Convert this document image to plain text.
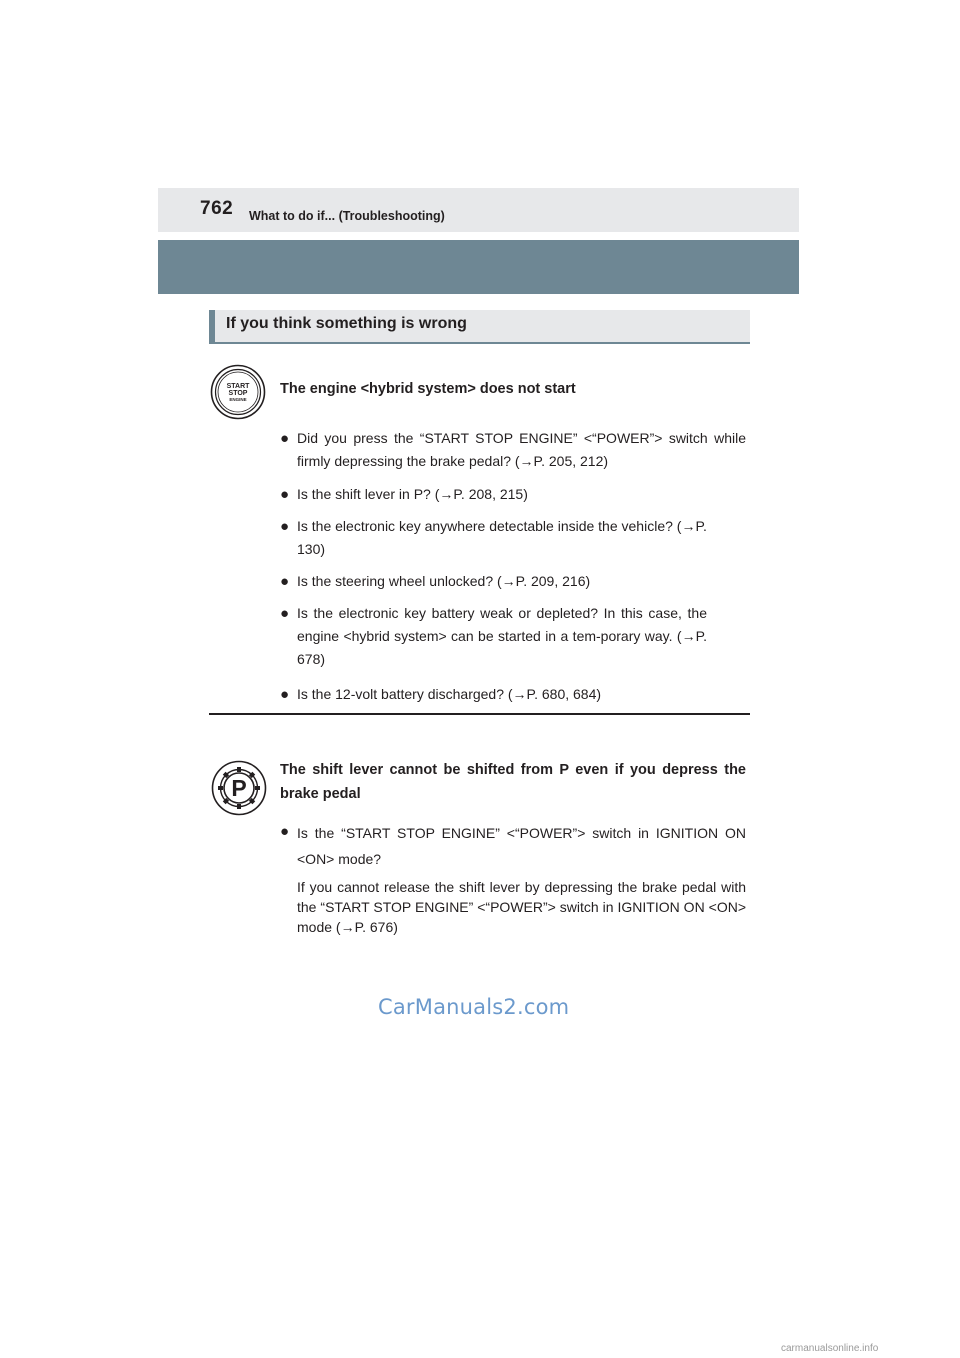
762 What to do if... (Troubleshooting)
If you think something is wrong
START
STOP
ENGINE
The engine <hybrid system> does not start
● Did you press the “START STOP ENGINE” <“POWER”> switch while firmly depressing the brake pedal? (→P. 205, 212)
● Is the shift lever in P? (→P. 208, 215)
● Is the electronic key anywhere detectable inside the vehicle? (→P. 130)
● Is the steering wheel unlocked? (→P. 209, 216)
● Is the electronic key battery weak or depleted? In this case, the engine <hybrid system> can be started in a tem-porary way. (→P. 678)
● Is the 12-volt battery discharged? (→P. 680, 684)
P
The shift lever cannot be shifted from P even if you depress the brake pedal
● Is the “START STOP ENGINE” <“POWER”> switch in IGNITION ON <ON> mode?
If you cannot release the shift lever by depressing the brake pedal with the “START STOP ENGINE” <“POWER”> switch in IGNITION ON <ON> mode (→P. 676)
CarManuals2.com
carmanualsonline.info
